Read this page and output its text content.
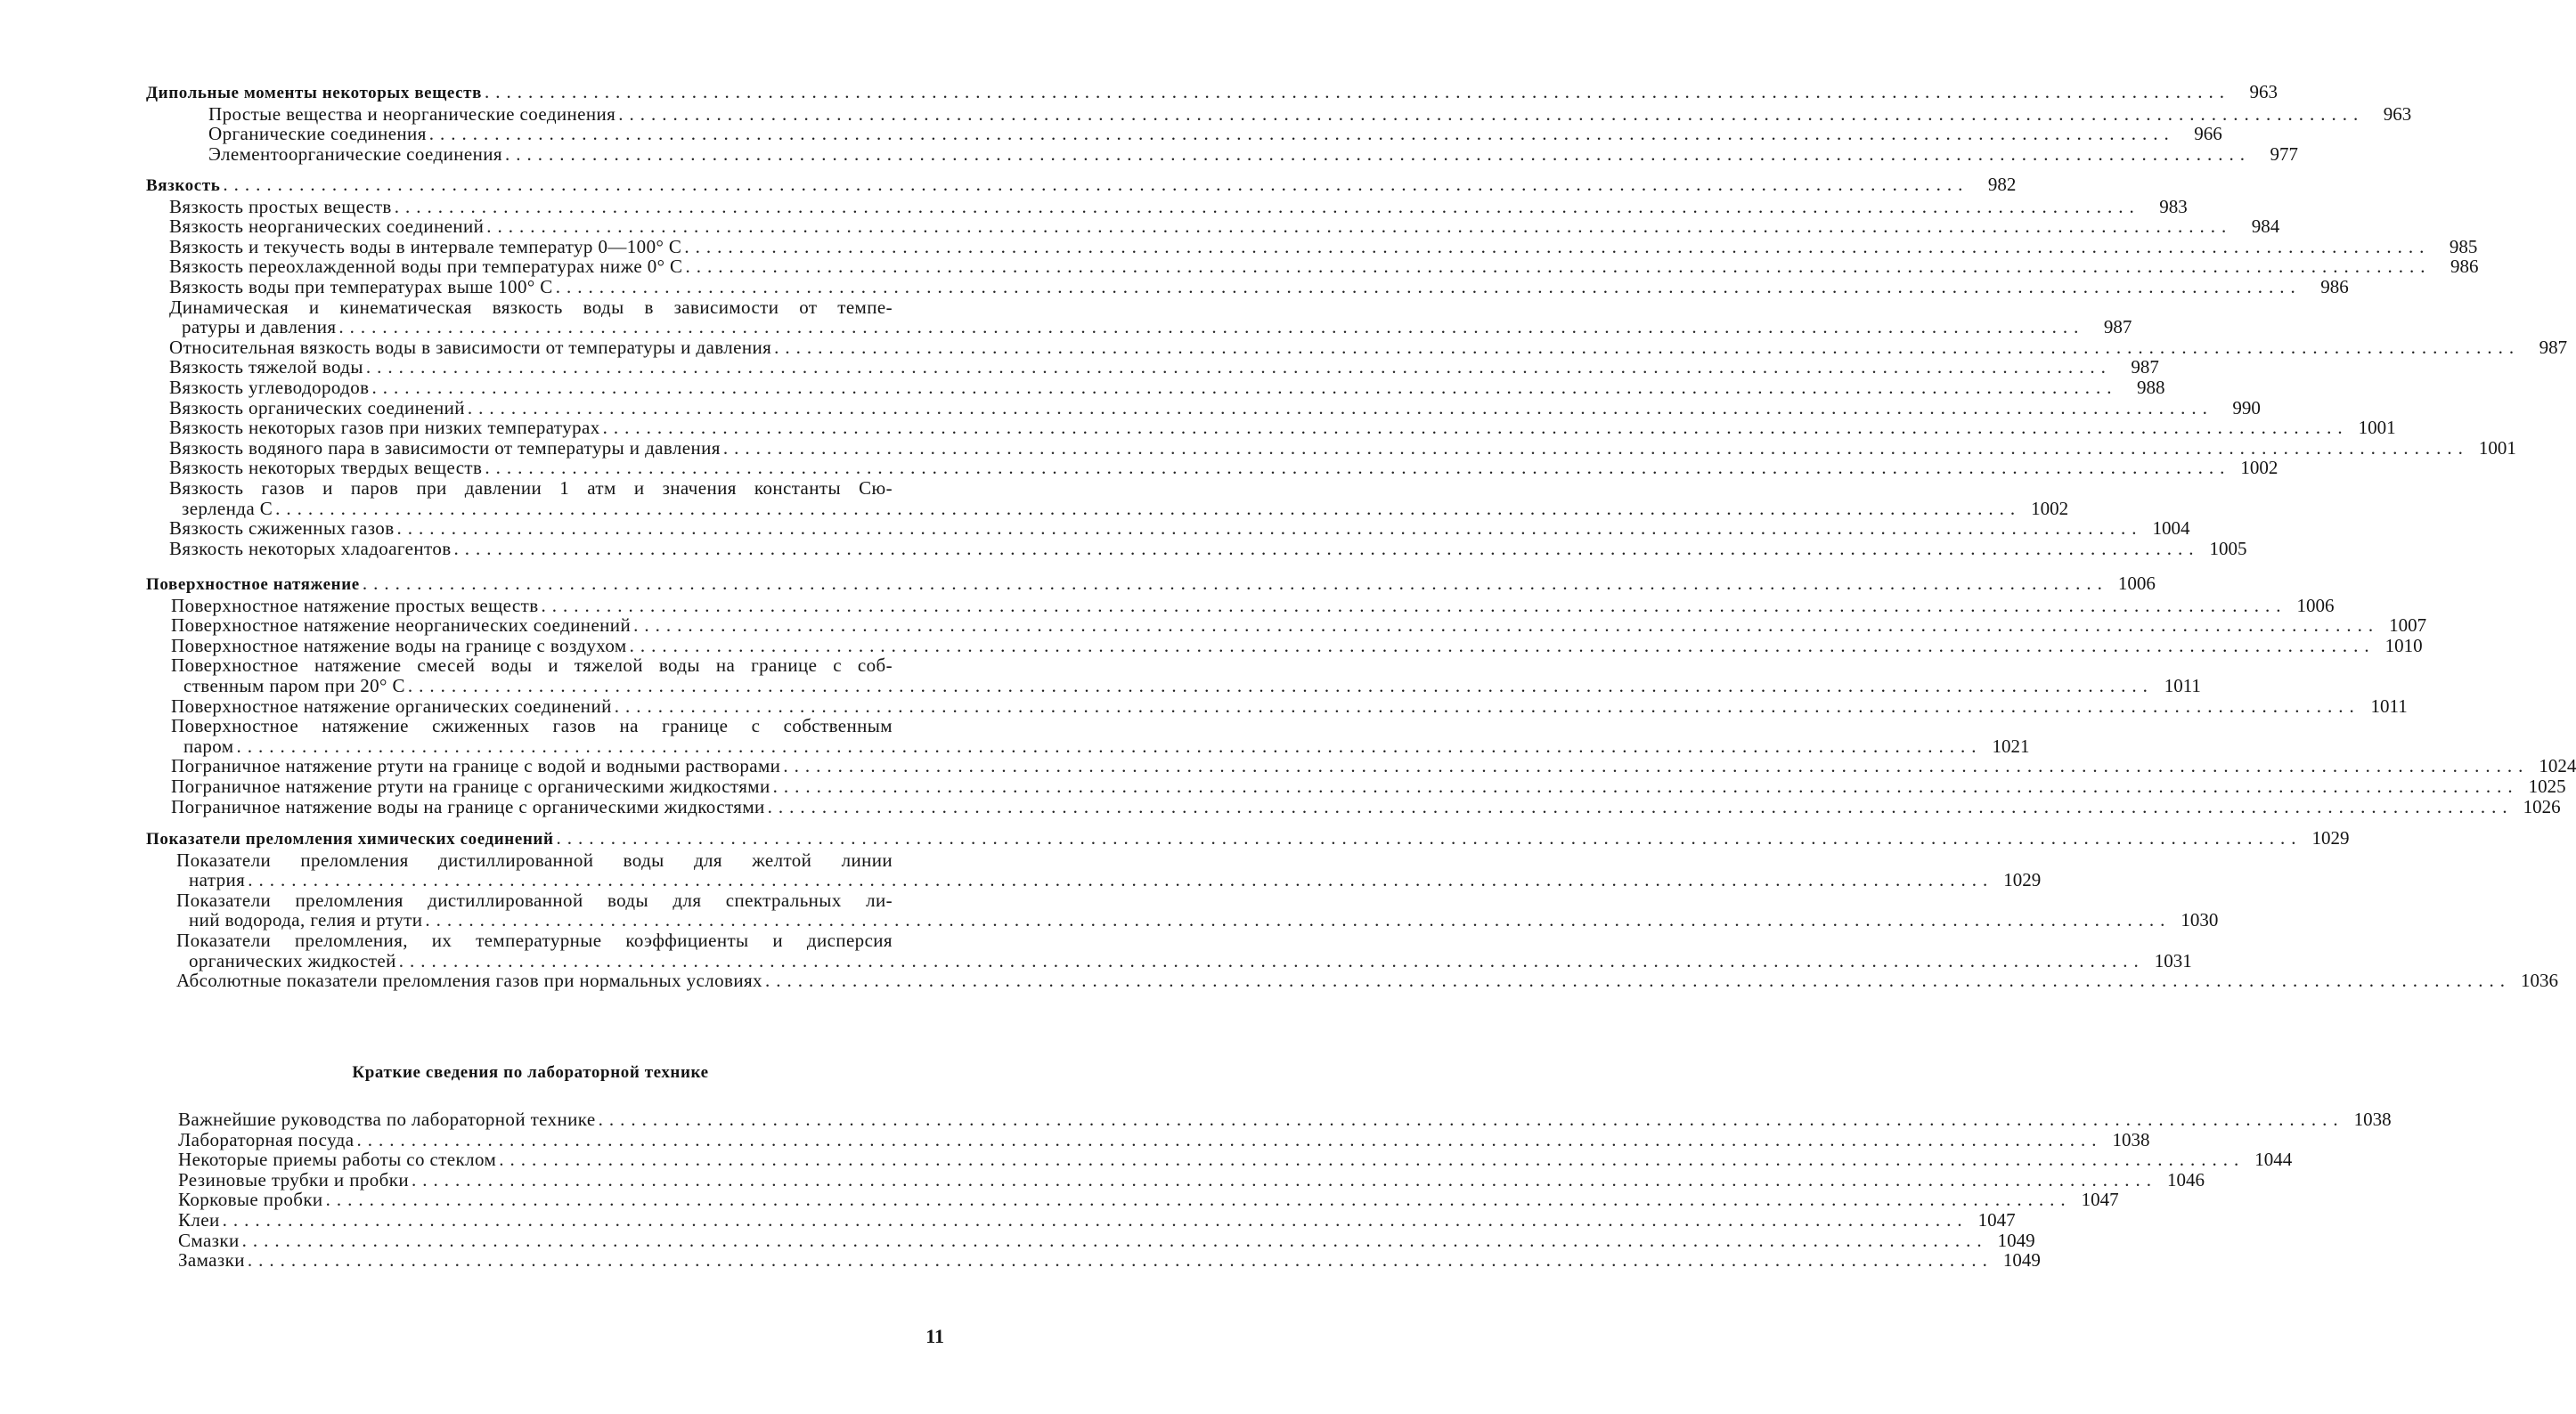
Дипольные моменты некоторых веществ ................................................................................................................................................................	963
Простые вещества и неорганические соединения ................................................................................................................................................................	963
Органические соединения ................................................................................................................................................................	966
Элементоорганические соединения ................................................................................................................................................................	977
Вязкость ................................................................................................................................................................	982
Вязкость простых веществ ................................................................................................................................................................	983
Вязкость неорганических соединений ................................................................................................................................................................	984
Вязкость и текучесть воды в интервале температур 0—100° С ................................................................................................................................................................	985
Вязкость переохлажденной воды при температурах ниже 0° С ................................................................................................................................................................	986
Вязкость воды при температурах выше 100° С ................................................................................................................................................................	986
Динамическая и кинематическая вязкость воды в зависимости от темпе-
ратуры и давления ................................................................................................................................................................	987
Относительная вязкость воды в зависимости от температуры и давления ................................................................................................................................................................	987
Вязкость тяжелой воды ................................................................................................................................................................	987
Вязкость углеводородов ................................................................................................................................................................	988
Вязкость органических соединений ................................................................................................................................................................	990
Вязкость некоторых газов при низких температурах ................................................................................................................................................................ 1001
Вязкость водяного пара в зависимости от температуры и давления ................................................................................................................................................................ 1001
Вязкость некоторых твердых веществ ................................................................................................................................................................ 1002
Вязкость газов и паров при давлении 1 атм и значения константы Сю-
зерленда С ................................................................................................................................................................ 1002
Вязкость сжиженных газов ................................................................................................................................................................ 1004
Вязкость некоторых хладоагентов ................................................................................................................................................................ 1005
Поверхностное натяжение ................................................................................................................................................................ 1006
Поверхностное натяжение простых веществ ................................................................................................................................................................ 1006
Поверхностное натяжение неорганических соединений ................................................................................................................................................................ 1007
Поверхностное натяжение воды на границе с воздухом ................................................................................................................................................................ 1010
Поверхностное натяжение смесей воды и тяжелой воды на границе с соб-
ственным паром при 20° С ................................................................................................................................................................ 1011
Поверхностное натяжение органических соединений ................................................................................................................................................................ 1011
Поверхностное натяжение сжиженных газов на границе с собственным
паром ................................................................................................................................................................ 1021
Пограничное натяжение ртути на границе с водой и водными растворами ................................................................................................................................................................ 1024
Пограничное натяжение ртути на границе с органическими жидкостями ................................................................................................................................................................ 1025
Пограничное натяжение воды на границе с органическими жидкостями ................................................................................................................................................................ 1026
Показатели преломления химических соединений ................................................................................................................................................................ 1029
Показатели преломления дистиллированной воды для желтой линии
натрия ................................................................................................................................................................ 1029
Показатели преломления дистиллированной воды для спектральных ли-
ний водорода, гелия и ртути ................................................................................................................................................................ 1030
Показатели преломления, их температурные коэффициенты и дисперсия
органических жидкостей ................................................................................................................................................................ 1031
Абсолютные показатели преломления газов при нормальных условиях ................................................................................................................................................................ 1036
Краткие сведения по лабораторной технике
Важнейшие руководства по лабораторной технике ................................................................................................................................................................ 1038
Лабораторная посуда ................................................................................................................................................................ 1038
Некоторые приемы работы со стеклом ................................................................................................................................................................ 1044
Резиновые трубки и пробки ................................................................................................................................................................ 1046
Корковые пробки ................................................................................................................................................................ 1047
Клеи ................................................................................................................................................................ 1047
Смазки ................................................................................................................................................................ 1049
Замазки ................................................................................................................................................................ 1049
11
